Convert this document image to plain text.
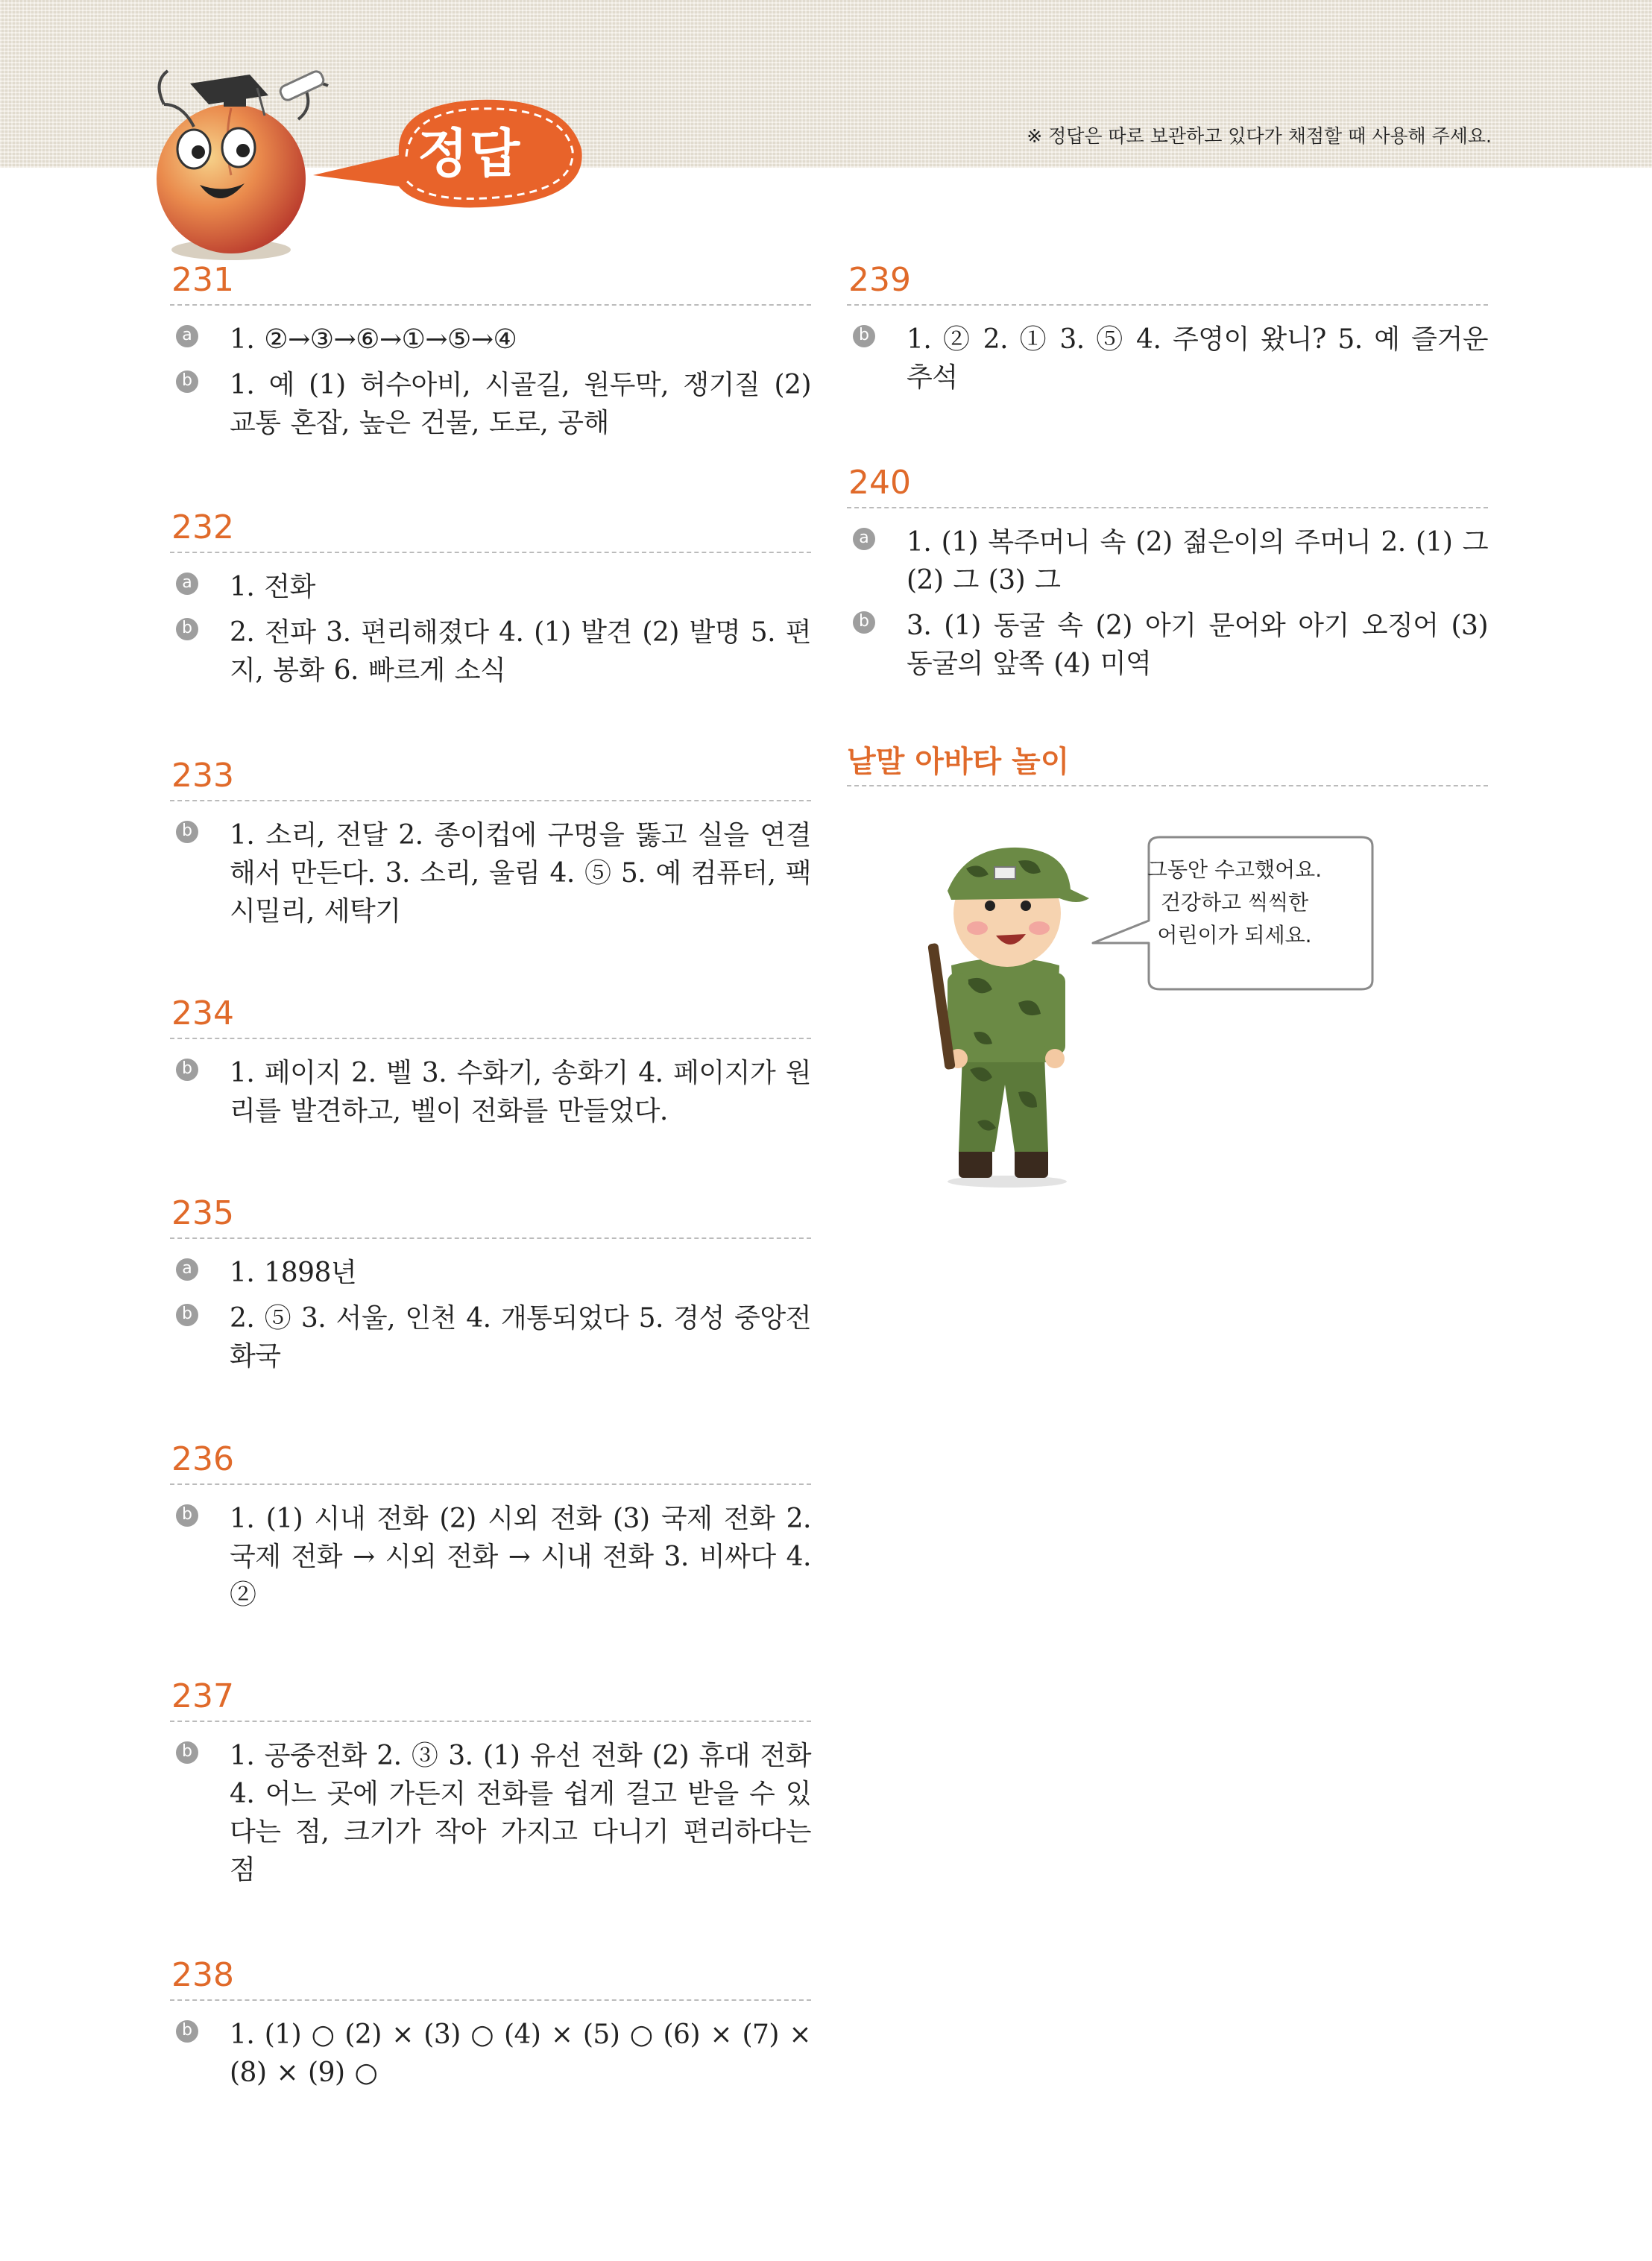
정답	※ 정답은 따로 보관하고 있다가 채점할 때 사용해 주세요.
231
a 1. ②→③→⑥→①→⑤→④
b 1. 예 (1) 허수아비, 시골길, 원두막, 쟁기질 (2) 교통 혼잡, 높은 건물, 도로, 공해
232
a 1. 전화
b 2. 전파 3. 편리해졌다 4. (1) 발견 (2) 발명 5. 편지, 봉화 6. 빠르게 소식
233
b 1. 소리, 전달 2. 종이컵에 구멍을 뚫고 실을 연결해서 만든다. 3. 소리, 울림 4. ⑤ 5. 예 컴퓨터, 팩시밀리, 세탁기
234
b 1. 페이지 2. 벨 3. 수화기, 송화기 4. 페이지가 원리를 발견하고, 벨이 전화를 만들었다.
235
a 1. 1898년
b 2. ⑤ 3. 서울, 인천 4. 개통되었다 5. 경성 중앙전화국
236
b 1. (1) 시내 전화 (2) 시외 전화 (3) 국제 전화 2. 국제 전화 → 시외 전화 → 시내 전화 3. 비싸다 4. ②
237
b 1. 공중전화 2. ③ 3. (1) 유선 전화 (2) 휴대 전화 4. 어느 곳에 가든지 전화를 쉽게 걸고 받을 수 있다는 점, 크기가 작아 가지고 다니기 편리하다는 점
238
b 1. (1) ○ (2) × (3) ○ (4) × (5) ○ (6) × (7) × (8) × (9) ○
239
b 1. ② 2. ① 3. ⑤ 4. 주영이 왔니? 5. 예 즐거운 추석
240
a 1. (1) 복주머니 속 (2) 젊은이의 주머니 2. (1) 그 (2) 그 (3) 그
b 3. (1) 동굴 속 (2) 아기 문어와 아기 오징어 (3) 동굴의 앞쪽 (4) 미역
낱말 아바타 놀이
그동안 수고했어요.
건강하고 씩씩한
어린이가 되세요.
